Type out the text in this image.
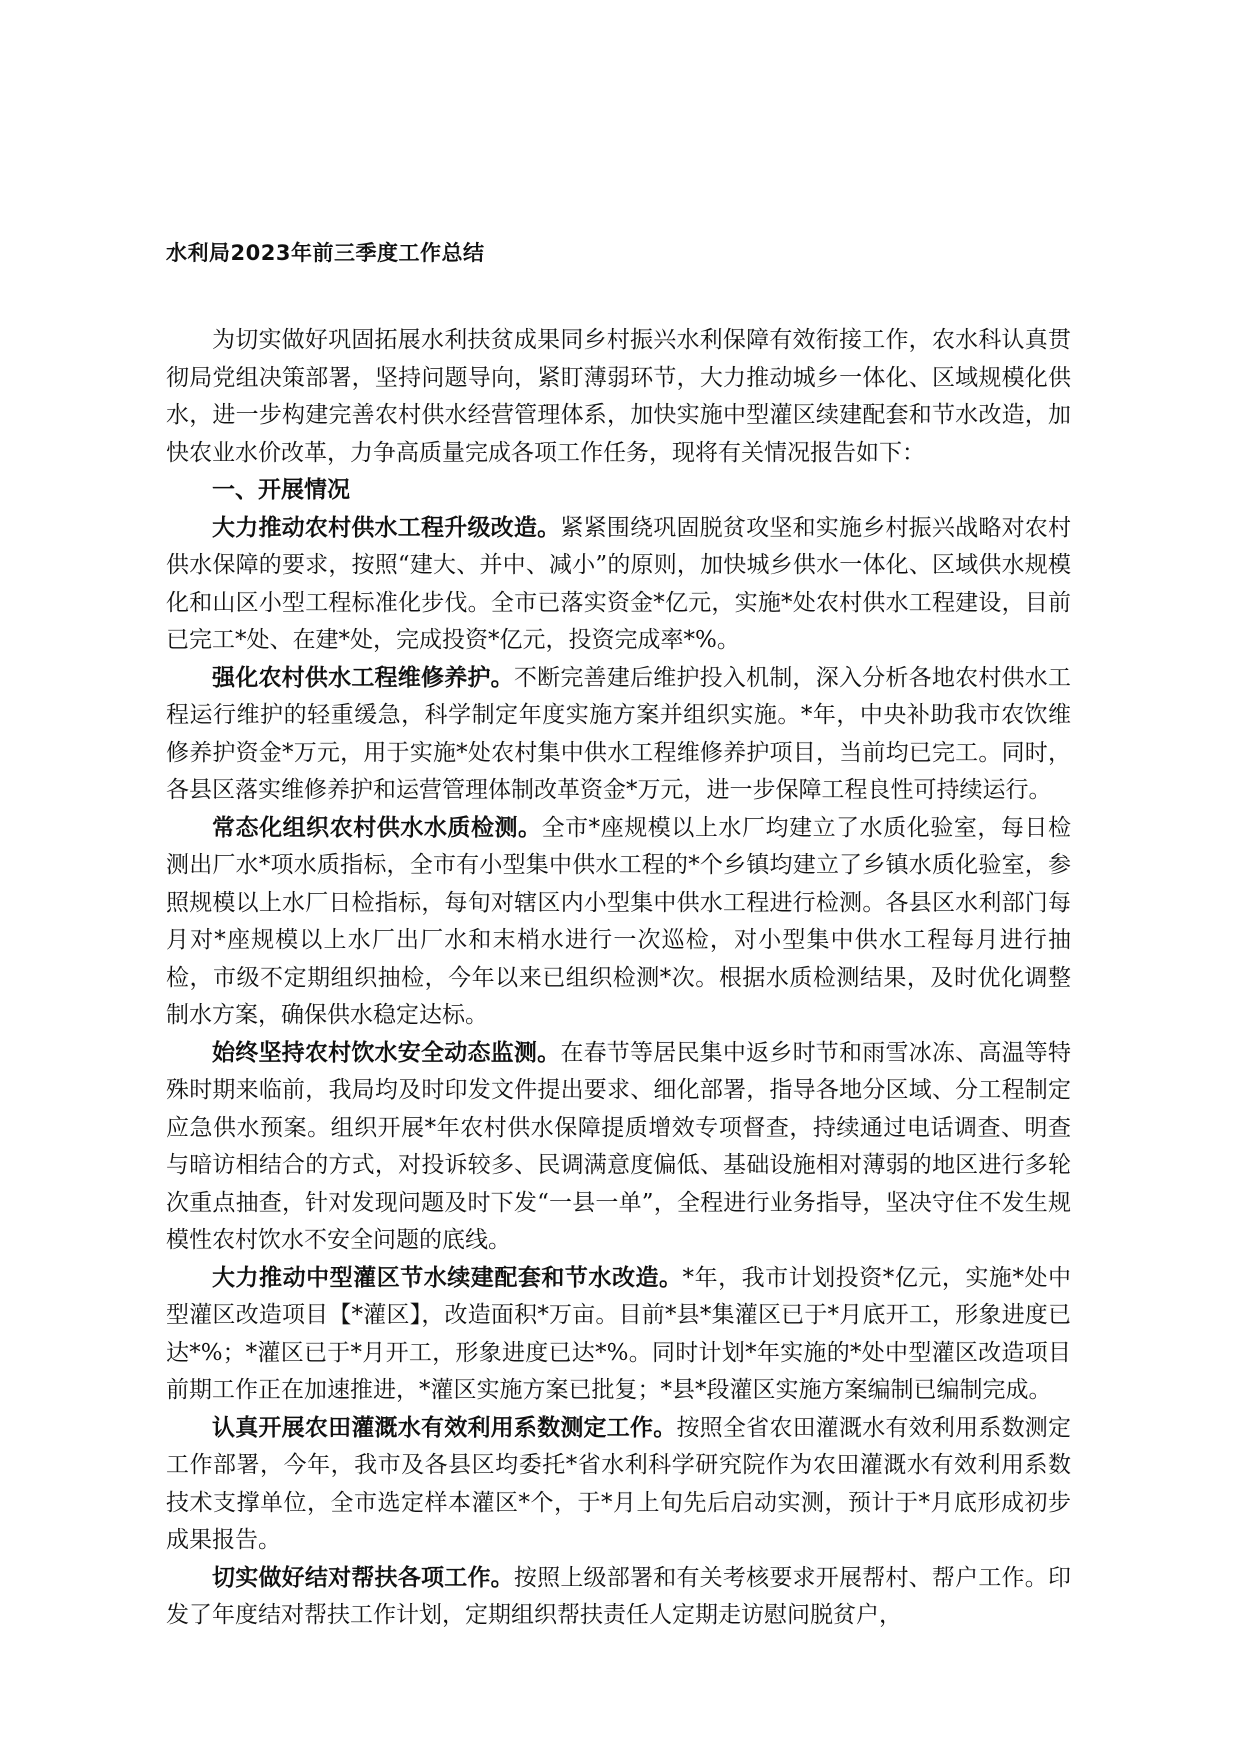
水利局2023年前三季度工作总结

为切实做好巩固拓展水利扶贫成果同乡村振兴水利保障有效衔接工作，农水科认真贯彻局党组决策部署，坚持问题导向，紧盯薄弱环节，大力推动城乡一体化、区域规模化供水，进一步构建完善农村供水经营管理体系，加快实施中型灌区续建配套和节水改造，加快农业水价改革，力争高质量完成各项工作任务，现将有关情况报告如下：

一、开展情况

大力推动农村供水工程升级改造。紧紧围绕巩固脱贫攻坚和实施乡村振兴战略对农村供水保障的要求，按照“建大、并中、减小”的原则，加快城乡供水一体化、区域供水规模化和山区小型工程标准化步伐。全市已落实资金*亿元，实施*处农村供水工程建设，目前已完工*处、在建*处，完成投资*亿元，投资完成率*%。

强化农村供水工程维修养护。不断完善建后维护投入机制，深入分析各地农村供水工程运行维护的轻重缓急，科学制定年度实施方案并组织实施。*年，中央补助我市农饮维修养护资金*万元，用于实施*处农村集中供水工程维修养护项目，当前均已完工。同时，各县区落实维修养护和运营管理体制改革资金*万元，进一步保障工程良性可持续运行。

常态化组织农村供水水质检测。全市*座规模以上水厂均建立了水质化验室，每日检测出厂水*项水质指标，全市有小型集中供水工程的*个乡镇均建立了乡镇水质化验室，参照规模以上水厂日检指标，每旬对辖区内小型集中供水工程进行检测。各县区水利部门每月对*座规模以上水厂出厂水和末梢水进行一次巡检，对小型集中供水工程每月进行抽检，市级不定期组织抽检，今年以来已组织检测*次。根据水质检测结果，及时优化调整制水方案，确保供水稳定达标。

始终坚持农村饮水安全动态监测。在春节等居民集中返乡时节和雨雪冰冻、高温等特殊时期来临前，我局均及时印发文件提出要求、细化部署，指导各地分区域、分工程制定应急供水预案。组织开展*年农村供水保障提质增效专项督查，持续通过电话调查、明查与暗访相结合的方式，对投诉较多、民调满意度偏低、基础设施相对薄弱的地区进行多轮次重点抽查，针对发现问题及时下发“一县一单”，全程进行业务指导，坚决守住不发生规模性农村饮水不安全问题的底线。

大力推动中型灌区节水续建配套和节水改造。*年，我市计划投资*亿元，实施*处中型灌区改造项目【*灌区】，改造面积*万亩。目前*县*集灌区已于*月底开工，形象进度已达*%；*灌区已于*月开工，形象进度已达*%。同时计划*年实施的*处中型灌区改造项目前期工作正在加速推进，*灌区实施方案已批复；*县*段灌区实施方案编制已编制完成。

认真开展农田灌溉水有效利用系数测定工作。按照全省农田灌溉水有效利用系数测定工作部署，今年，我市及各县区均委托*省水利科学研究院作为农田灌溉水有效利用系数技术支撑单位，全市选定样本灌区*个，于*月上旬先后启动实测，预计于*月底形成初步成果报告。

切实做好结对帮扶各项工作。按照上级部署和有关考核要求开展帮村、帮户工作。印发了年度结对帮扶工作计划，定期组织帮扶责任人定期走访慰问脱贫户，
